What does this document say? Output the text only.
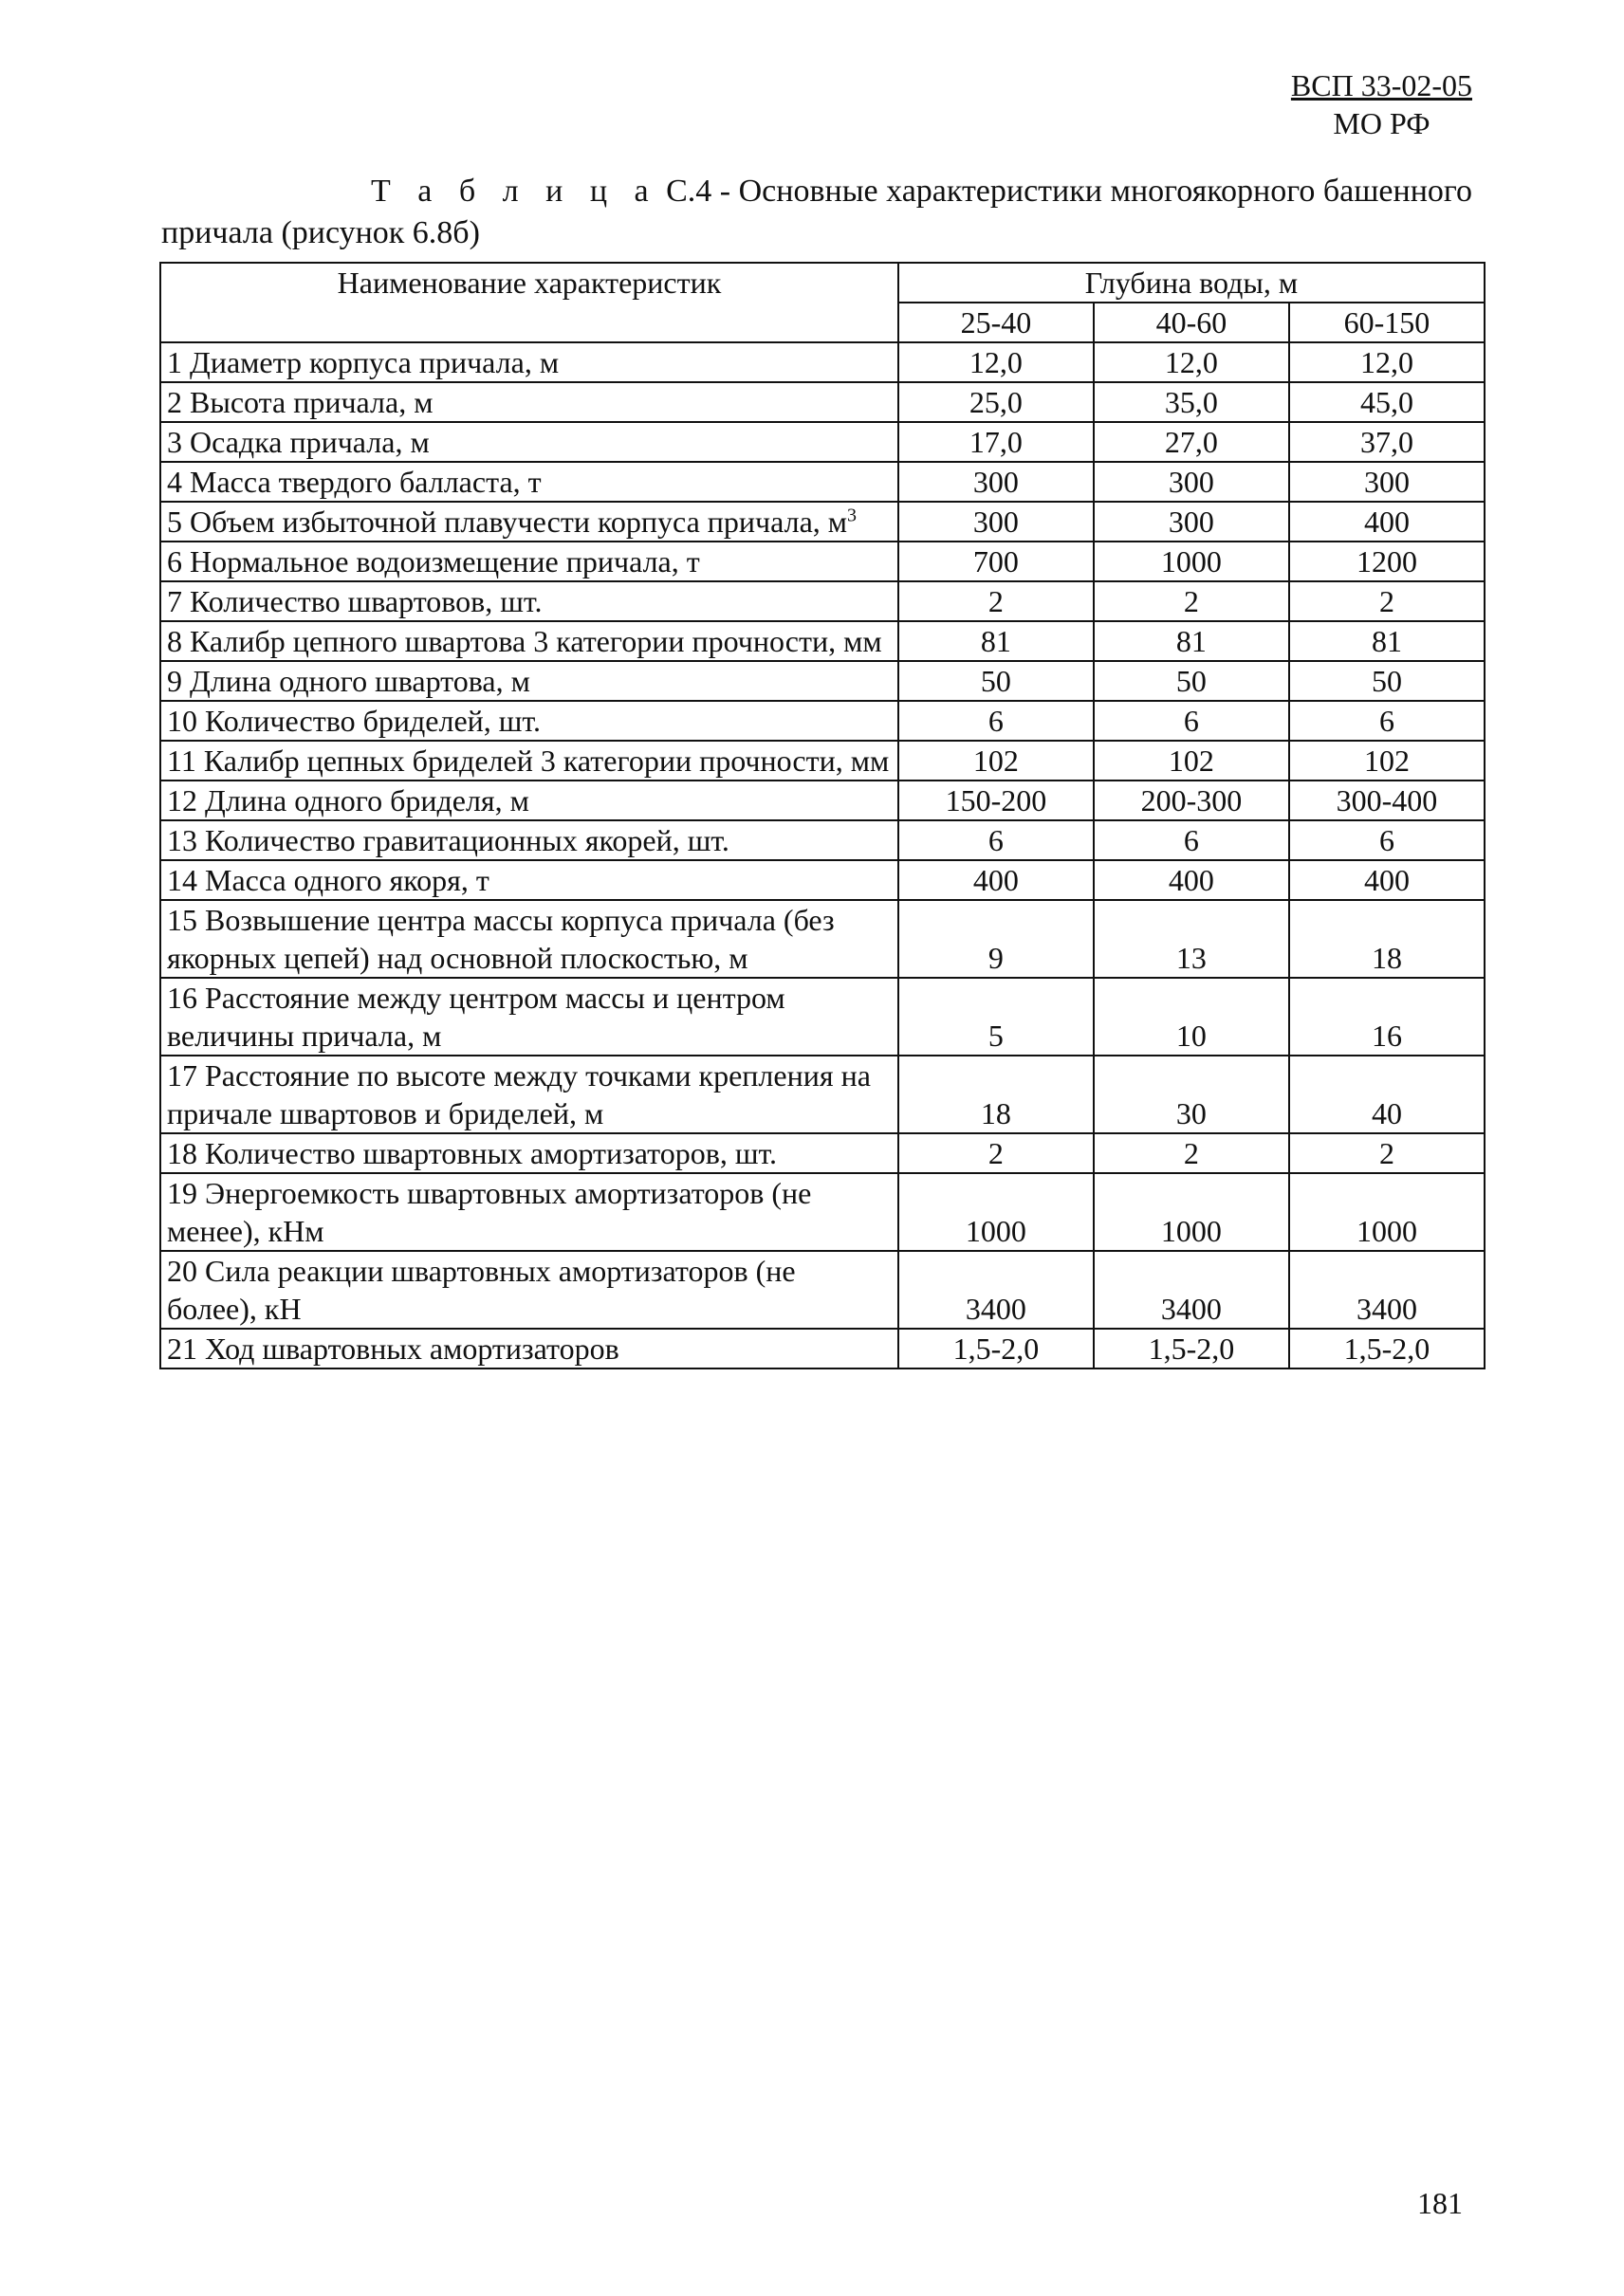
ВСП 33-02-05
МО РФ
Т а б л и ц а С.4 - Основные характеристики многоякорного башенного
причала (рисунок 6.8б)
Наименование характеристик	Глубина воды, м		
	25-40	40-60	60-150
1 Диаметр корпуса причала, м	12,0	12,0	12,0
2 Высота причала, м	25,0	35,0	45,0
3 Осадка причала, м	17,0	27,0	37,0
4 Масса твердого балласта, т	300	300	300
5 Объем избыточной плавучести корпуса причала, $м^3$	300	300	400
6 Нормальное водоизмещение причала, т	700	1000	1200
7 Количество швартовов, шт.	2	2	2
8 Калибр цепного швартова 3 категории прочности, мм	81	81	81
9 Длина одного швартова, м	50	50	50
10 Количество бриделей, шт.	6	6	6
11 Калибр цепных бриделей 3 категории прочности, мм	102	102	102
12 Длина одного бриделя, м	150-200	200-300	300-400
13 Количество гравитационных якорей, шт.	6	6	6
14 Масса одного якоря, т	400	400	400
15 Возвышение центра массы корпуса причала (без якорных цепей) над основной плоскостью, м	9	13	18
16 Расстояние между центром массы и центром величины причала, м	5	10	16
17 Расстояние по высоте между точками крепления на причале швартовов и бриделей, м	18	30	40
18 Количество швартовных амортизаторов, шт.	2	2	2
19 Энергоемкость швартовных амортизаторов (не менее), кНм	1000	1000	1000
20 Сила реакции швартовных амортизаторов (не более), кН	3400	3400	3400
21 Ход швартовных амортизаторов	1,5-2,0	1,5-2,0	1,5-2,0
181
